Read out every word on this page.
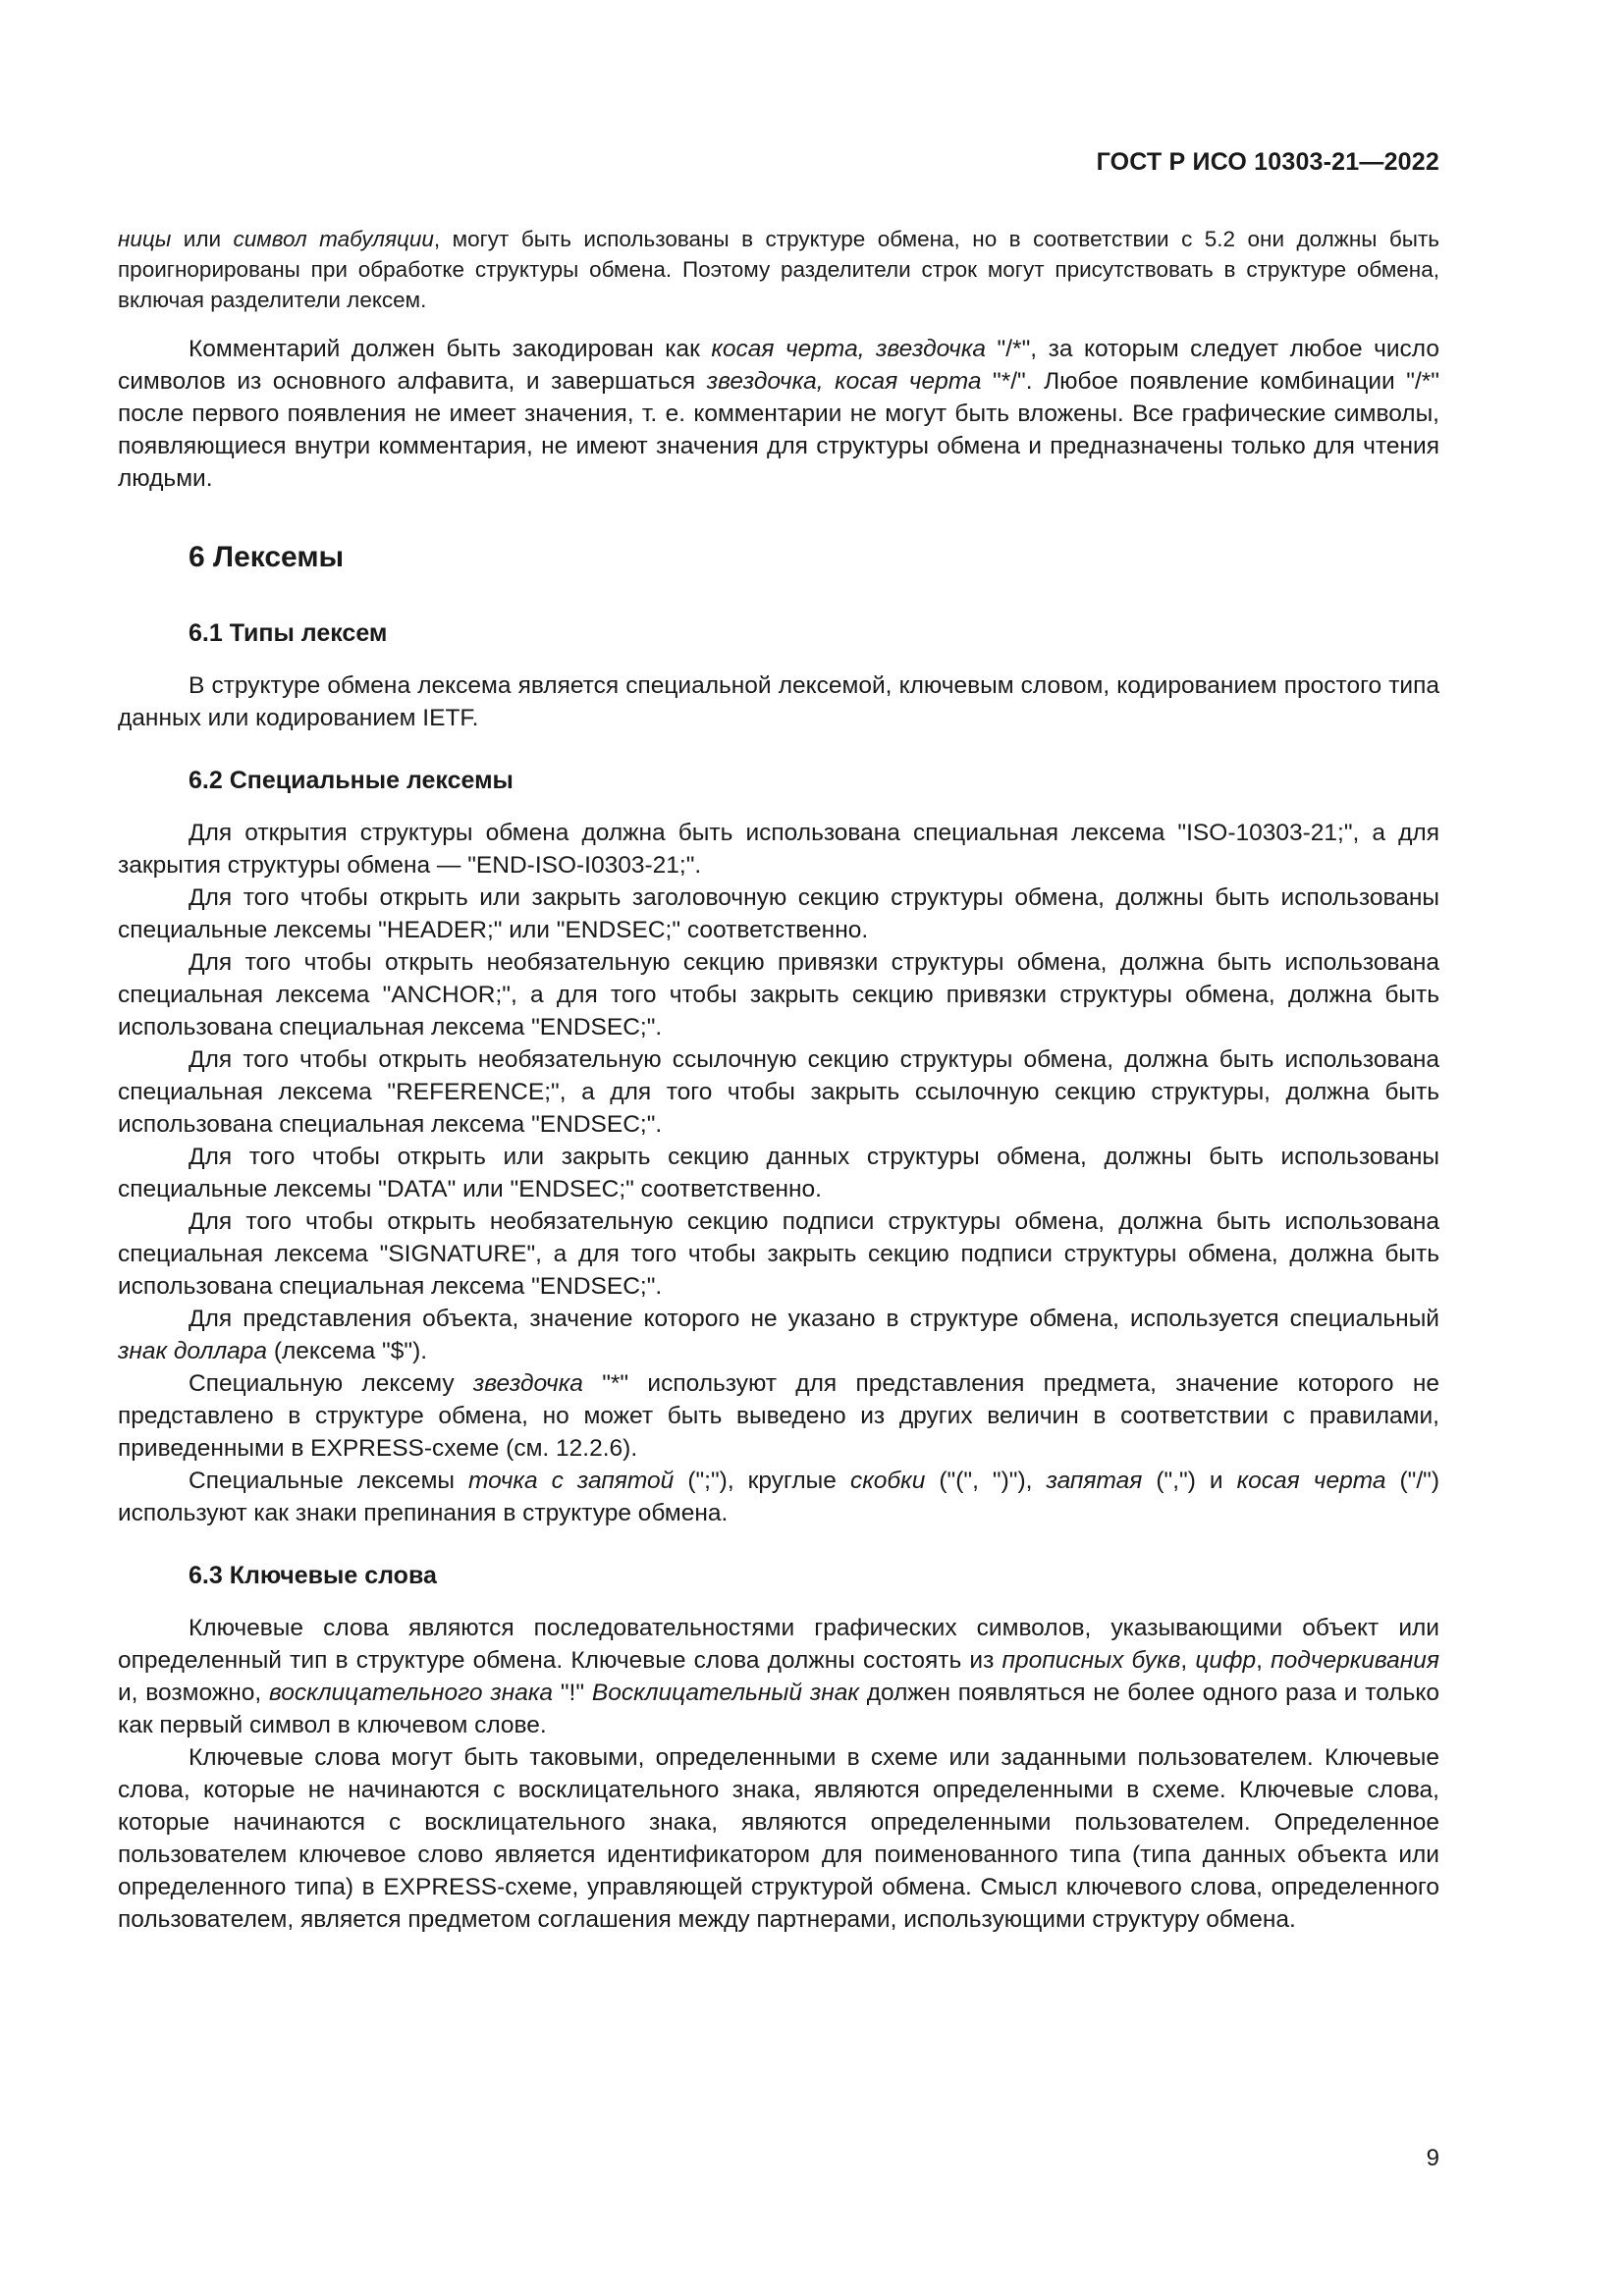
ГОСТ Р ИСО 10303-21—2022

ницы или символ табуляции, могут быть использованы в структуре обмена, но в соответствии с 5.2 они должны быть проигнорированы при обработке структуры обмена. Поэтому разделители строк могут присутствовать в структуре обмена, включая разделители лексем.

Комментарий должен быть закодирован как косая черта, звездочка "/*", за которым следует любое число символов из основного алфавита, и завершаться звездочка, косая черта "*/". Любое появление комбинации "/*" после первого появления не имеет значения, т. е. комментарии не могут быть вложены. Все графические символы, появляющиеся внутри комментария, не имеют значения для структуры обмена и предназначены только для чтения людьми.

6 Лексемы
6.1 Типы лексем

В структуре обмена лексема является специальной лексемой, ключевым словом, кодированием простого типа данных или кодированием IETF.

6.2 Специальные лексемы

Для открытия структуры обмена должна быть использована специальная лексема "ISO-10303-21;", а для закрытия структуры обмена — "END-ISO-I0303-21;".

Для того чтобы открыть или закрыть заголовочную секцию структуры обмена, должны быть использованы специальные лексемы "HEADER;" или "ENDSEC;" соответственно.

Для того чтобы открыть необязательную секцию привязки структуры обмена, должна быть использована специальная лексема "ANCHOR;", а для того чтобы закрыть секцию привязки структуры обмена, должна быть использована специальная лексема "ENDSEC;".

Для того чтобы открыть необязательную ссылочную секцию структуры обмена, должна быть использована специальная лексема "REFERENCE;", а для того чтобы закрыть ссылочную секцию структуры, должна быть использована специальная лексема "ENDSEC;".

Для того чтобы открыть или закрыть секцию данных структуры обмена, должны быть использованы специальные лексемы "DATA" или "ENDSEC;" соответственно.

Для того чтобы открыть необязательную секцию подписи структуры обмена, должна быть использована специальная лексема "SIGNATURE", а для того чтобы закрыть секцию подписи структуры обмена, должна быть использована специальная лексема "ENDSEC;".

Для представления объекта, значение которого не указано в структуре обмена, используется специальный знак доллара (лексема "$").

Специальную лексему звездочка "*" используют для представления предмета, значение которого не представлено в структуре обмена, но может быть выведено из других величин в соответствии с правилами, приведенными в EXPRESS-схеме (см. 12.2.6).

Специальные лексемы точка с запятой (";"), круглые скобки ("(", ")"), запятая (",") и косая черта ("/") используют как знаки препинания в структуре обмена.

6.3 Ключевые слова

Ключевые слова являются последовательностями графических символов, указывающими объект или определенный тип в структуре обмена. Ключевые слова должны состоять из прописных букв, цифр, подчеркивания и, возможно, восклицательного знака "!" Восклицательный знак должен появляться не более одного раза и только как первый символ в ключевом слове.

Ключевые слова могут быть таковыми, определенными в схеме или заданными пользователем. Ключевые слова, которые не начинаются с восклицательного знака, являются определенными в схеме. Ключевые слова, которые начинаются с восклицательного знака, являются определенными пользователем. Определенное пользователем ключевое слово является идентификатором для поименованного типа (типа данных объекта или определенного типа) в EXPRESS-схеме, управляющей структурой обмена. Смысл ключевого слова, определенного пользователем, является предметом соглашения между партнерами, использующими структуру обмена.

9
